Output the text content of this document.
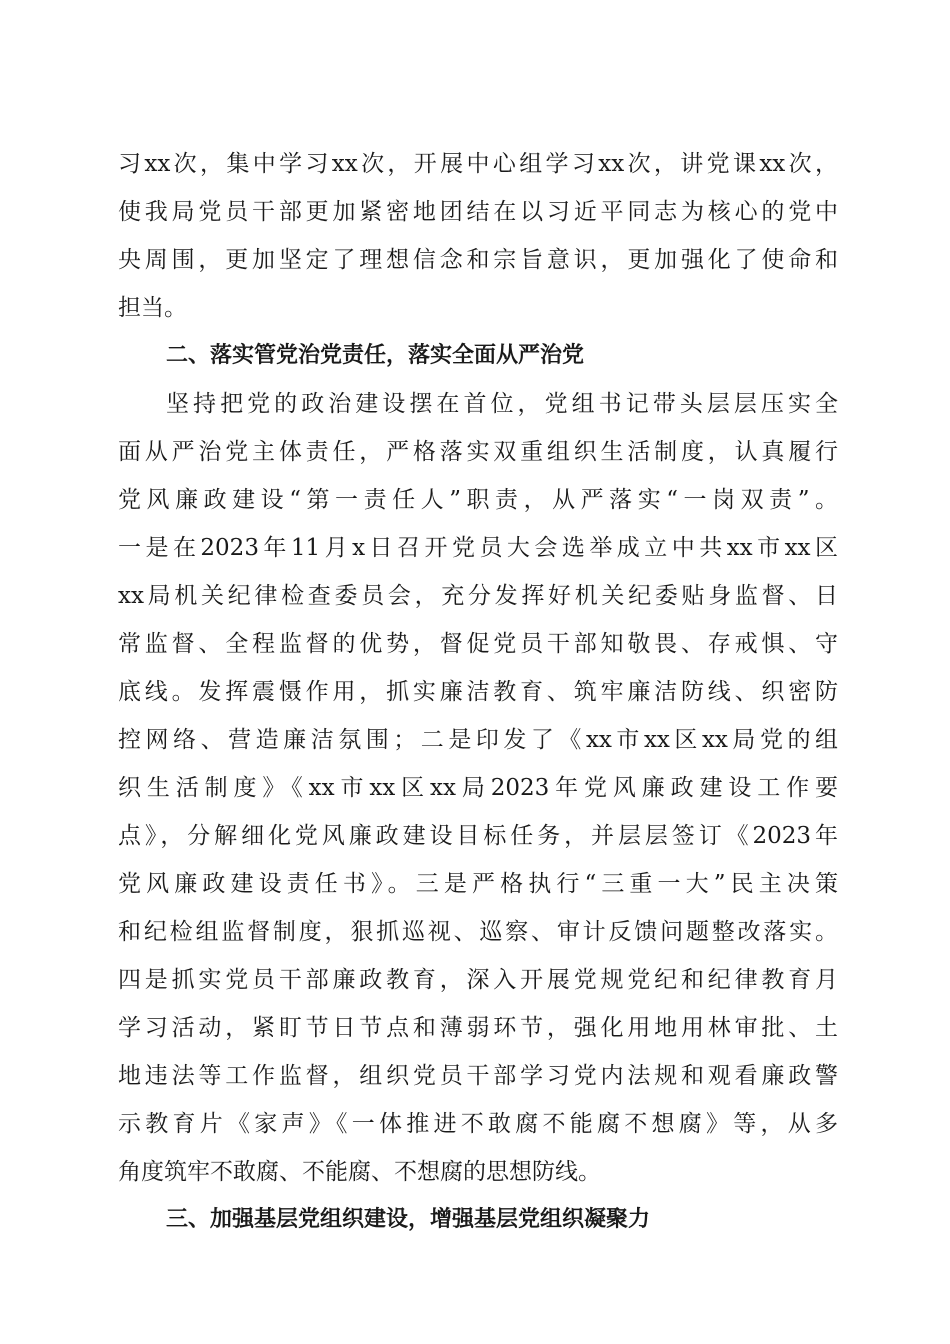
习xx次，集中学习xx次，开展中心组学习xx次，讲党课xx次，
使我局党员干部更加紧密地团结在以习近平同志为核心的党中
央周围，更加坚定了理想信念和宗旨意识，更加强化了使命和
担当。
二、落实管党治党责任，落实全面从严治党
坚持把党的政治建设摆在首位，党组书记带头层层压实全
面从严治党主体责任，严格落实双重组织生活制度，认真履行
党风廉政建设“第一责任人”职责，从严落实“一岗双责”。
一是在2023年11月x日召开党员大会选举成立中共xx市xx区
xx局机关纪律检查委员会，充分发挥好机关纪委贴身监督、日
常监督、全程监督的优势，督促党员干部知敬畏、存戒惧、守
底线。发挥震慑作用，抓实廉洁教育、筑牢廉洁防线、织密防
控网络、营造廉洁氛围；二是印发了《xx市xx区xx局党的组
织生活制度》《xx市xx区xx局2023年党风廉政建设工作要
点》，分解细化党风廉政建设目标任务，并层层签订《2023年
党风廉政建设责任书》。三是严格执行“三重一大”民主决策
和纪检组监督制度，狠抓巡视、巡察、审计反馈问题整改落实。
四是抓实党员干部廉政教育，深入开展党规党纪和纪律教育月
学习活动，紧盯节日节点和薄弱环节，强化用地用林审批、土
地违法等工作监督，组织党员干部学习党内法规和观看廉政警
示教育片《家声》《一体推进不敢腐不能腐不想腐》等，从多
角度筑牢不敢腐、不能腐、不想腐的思想防线。
三、加强基层党组织建设，增强基层党组织凝聚力
